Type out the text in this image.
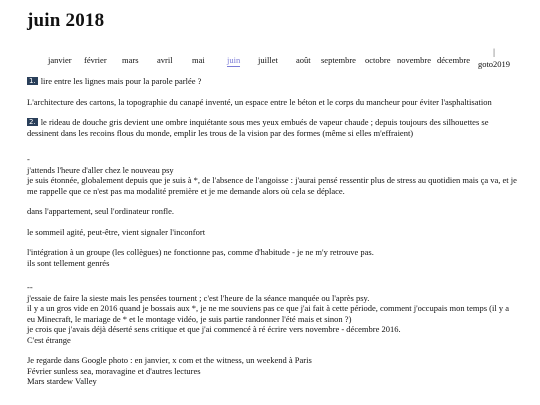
juin 2018
janvier février mars avril mai	juin juillet août septembre octobre novembre décembre
|
goto2019

1. lire entre les lignes mais pour la parole parlée ?

L'architecture des cartons, la topographie du canapé inventé, un espace entre le béton et le corps du mancheur pour éviter l'asphaltisation

2. le rideau de douche gris devient une ombre inquiétante sous mes yeux embués de vapeur chaude ; depuis toujours des silhouettes se dessinent dans les recoins flous du monde, emplir les trous de la vision par des formes (même si elles m'effraient)

-
j'attends l'heure d'aller chez le nouveau psy
je suis étonnée, globalement depuis que je suis à *, de l'absence de l'angoisse : j'aurai pensé ressentir plus de stress au quotidien mais ça va, et je me rappelle que ce n'est pas ma modalité première et je me demande alors où cela se déplace.

dans l'appartement, seul l'ordinateur ronfle.

le sommeil agité, peut-être, vient signaler l'inconfort

l'intégration à un groupe (les collègues) ne fonctionne pas, comme d'habitude - je ne m'y retrouve pas.
ils sont tellement genrés

--
j'essaie de faire la sieste mais les pensées tournent ; c'est l'heure de la séance manquée ou l'après psy.
il y a un gros vide en 2016 quand je bossais aux *, je ne me souviens pas ce que j'ai fait à cette période, comment j'occupais mon temps (il y a eu Minecraft, le mariage de * et le montage vidéo, je suis partie randonner l'été mais et sinon ?)
je crois que j'avais déjà déserté sens critique et que j'ai commencé à ré écrire vers novembre - décembre 2016.
C'est étrange

Je regarde dans Google photo : en janvier, x com et the witness, un weekend à Paris
Février sunless sea, moravagine et d'autres lectures
Mars stardew Valley
